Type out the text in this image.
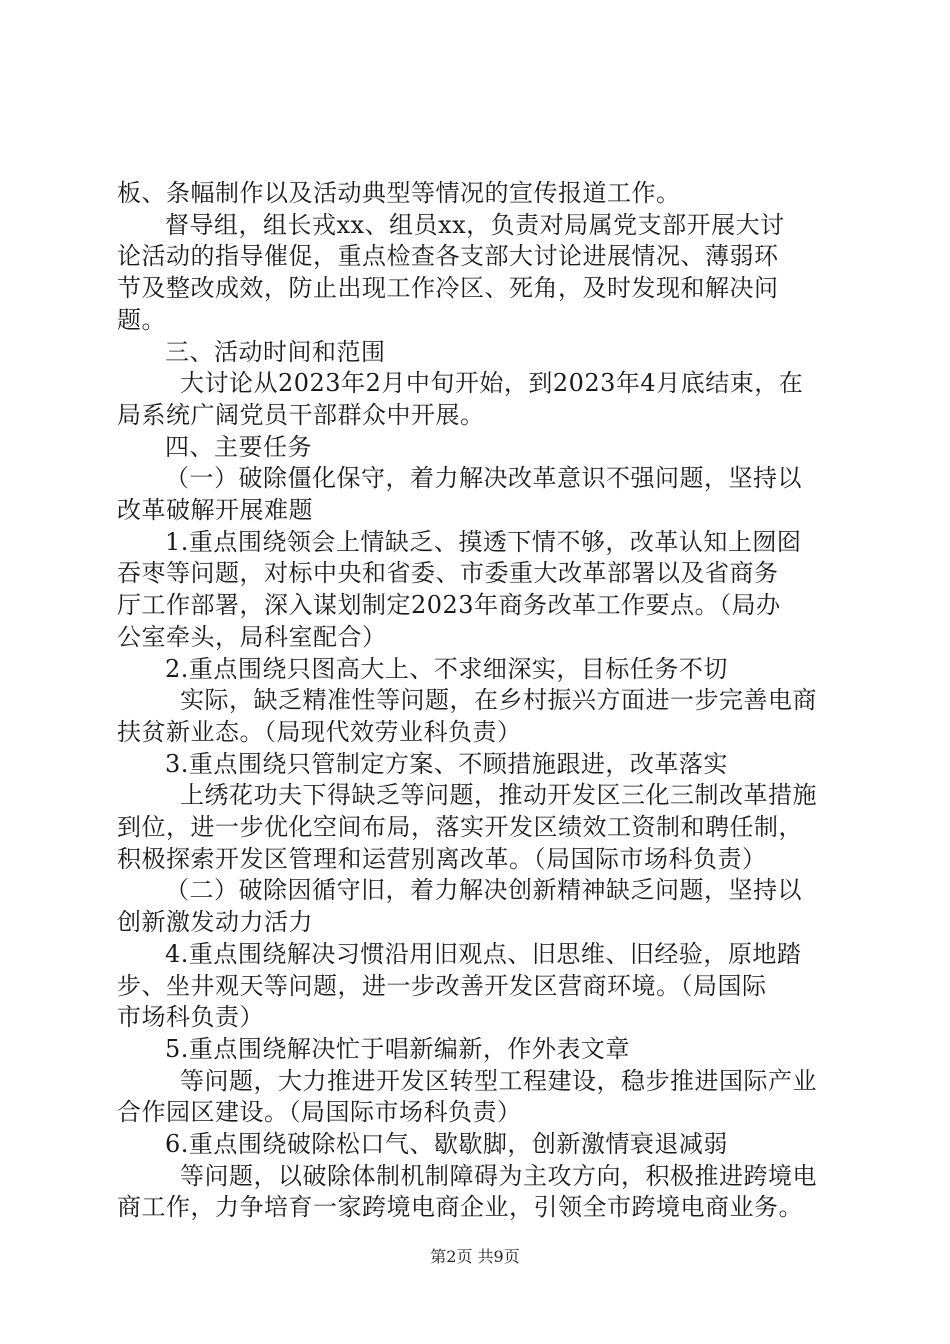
板、条幅制作以及活动典型等情况的宣传报道工作。
督导组，组长戎xx、组员xx，负责对局属党支部开展大讨
论活动的指导催促，重点检查各支部大讨论进展情况、薄弱环
节及整改成效，防止出现工作冷区、死角，及时发现和解决问
题。
三、活动时间和范围
大讨论从2023年2月中旬开始，到2023年4月底结束，在
局系统广阔党员干部群众中开展。
四、主要任务
（一）破除僵化保守，着力解决改革意识不强问题，坚持以
改革破解开展难题
1.重点围绕领会上情缺乏、摸透下情不够，改革认知上囫囵
吞枣等问题，对标中央和省委、市委重大改革部署以及省商务
厅工作部署，深入谋划制定2023年商务改革工作要点。（局办
公室牵头，局科室配合）
2.重点围绕只图高大上、不求细深实，目标任务不切
实际，缺乏精准性等问题，在乡村振兴方面进一步完善电商
扶贫新业态。（局现代效劳业科负责）
3.重点围绕只管制定方案、不顾措施跟进，改革落实
上绣花功夫下得缺乏等问题，推动开发区三化三制改革措施
到位，进一步优化空间布局，落实开发区绩效工资制和聘任制，
积极探索开发区管理和运营别离改革。（局国际市场科负责）
（二）破除因循守旧，着力解决创新精神缺乏问题，坚持以
创新激发动力活力
4.重点围绕解决习惯沿用旧观点、旧思维、旧经验，原地踏
步、坐井观天等问题，进一步改善开发区营商环境。（局国际
市场科负责）
5.重点围绕解决忙于唱新编新，作外表文章
等问题，大力推进开发区转型工程建设，稳步推进国际产业
合作园区建设。（局国际市场科负责）
6.重点围绕破除松口气、歇歇脚，创新激情衰退减弱
等问题，以破除体制机制障碍为主攻方向，积极推进跨境电
商工作，力争培育一家跨境电商企业，引领全市跨境电商业务。
第2页 共9页
